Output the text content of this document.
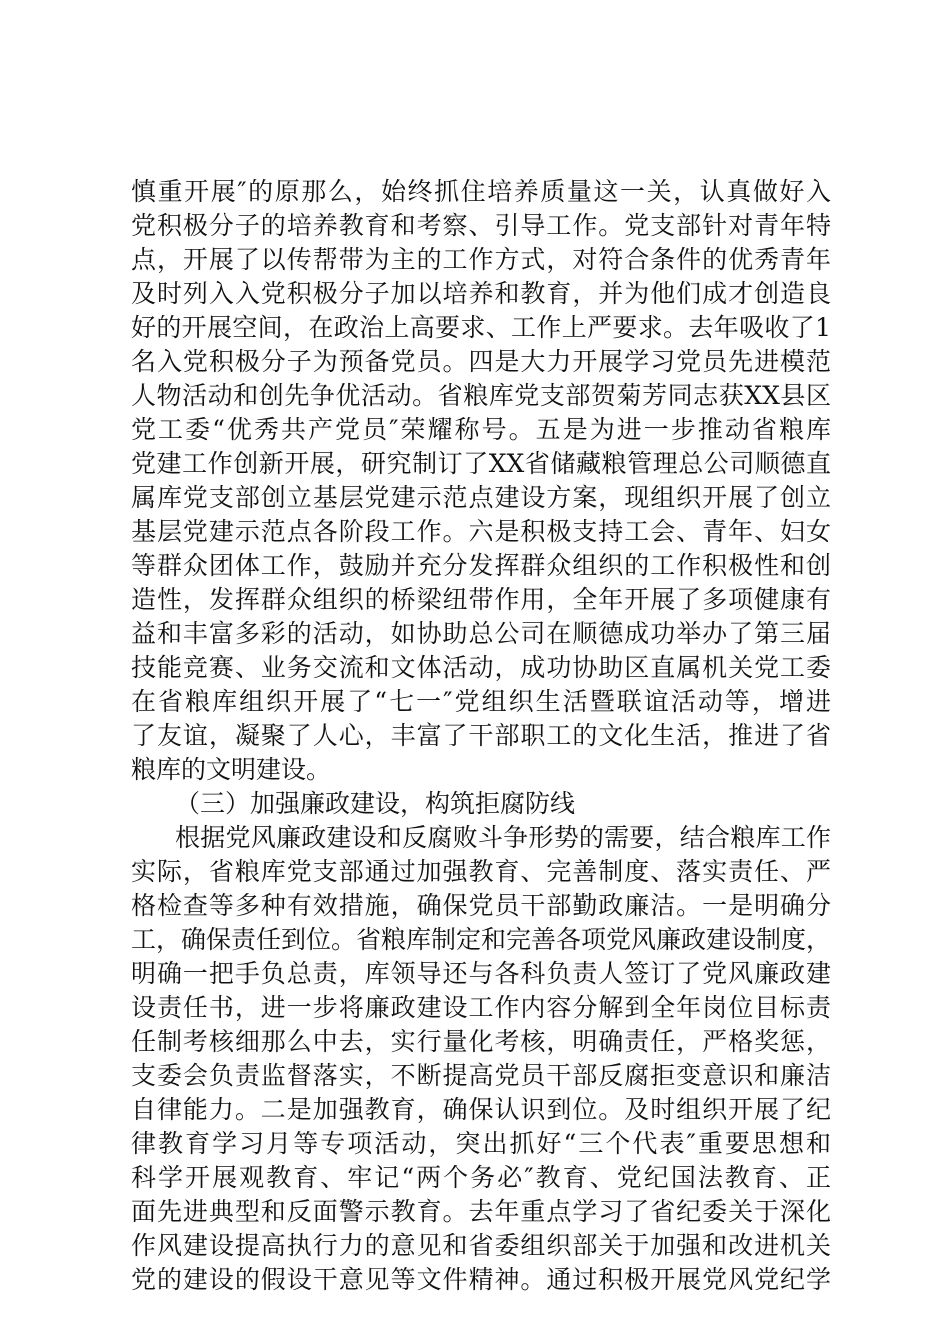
慎重开展″的原那么，始终抓住培养质量这一关，认真做好入

党积极分子的培养教育和考察、引导工作。党支部针对青年特

点，开展了以传帮带为主的工作方式，对符合条件的优秀青年

及时列入入党积极分子加以培养和教育，并为他们成才创造良

好的开展空间，在政治上高要求、工作上严要求。去年吸收了1

名入党积极分子为预备党员。四是大力开展学习党员先进模范

人物活动和创先争优活动。省粮库党支部贺菊芳同志获XX县区

党工委“优秀共产党员″荣耀称号。五是为进一步推动省粮库

党建工作创新开展，研究制订了XX省储藏粮管理总公司顺德直

属库党支部创立基层党建示范点建设方案，现组织开展了创立

基层党建示范点各阶段工作。六是积极支持工会、青年、妇女

等群众团体工作，鼓励并充分发挥群众组织的工作积极性和创

造性，发挥群众组织的桥梁纽带作用，全年开展了多项健康有

益和丰富多彩的活动，如协助总公司在顺德成功举办了第三届

技能竞赛、业务交流和文体活动，成功协助区直属机关党工委

在省粮库组织开展了“七一″党组织生活暨联谊活动等，增进

了友谊，凝聚了人心，丰富了干部职工的文化生活，推进了省

粮库的文明建设。

（三）加强廉政建设，构筑拒腐防线

根据党风廉政建设和反腐败斗争形势的需要，结合粮库工作

实际，省粮库党支部通过加强教育、完善制度、落实责任、严

格检查等多种有效措施，确保党员干部勤政廉洁。一是明确分

工，确保责任到位。省粮库制定和完善各项党风廉政建设制度，

明确一把手负总责，库领导还与各科负责人签订了党风廉政建

设责任书，进一步将廉政建设工作内容分解到全年岗位目标责

任制考核细那么中去，实行量化考核，明确责任，严格奖惩，

支委会负责监督落实，不断提高党员干部反腐拒变意识和廉洁

自律能力。二是加强教育，确保认识到位。及时组织开展了纪

律教育学习月等专项活动，突出抓好“三个代表″重要思想和

科学开展观教育、牢记“两个务必″教育、党纪国法教育、正

面先进典型和反面警示教育。去年重点学习了省纪委关于深化

作风建设提高执行力的意见和省委组织部关于加强和改进机关

党的建设的假设干意见等文件精神。通过积极开展党风党纪学
